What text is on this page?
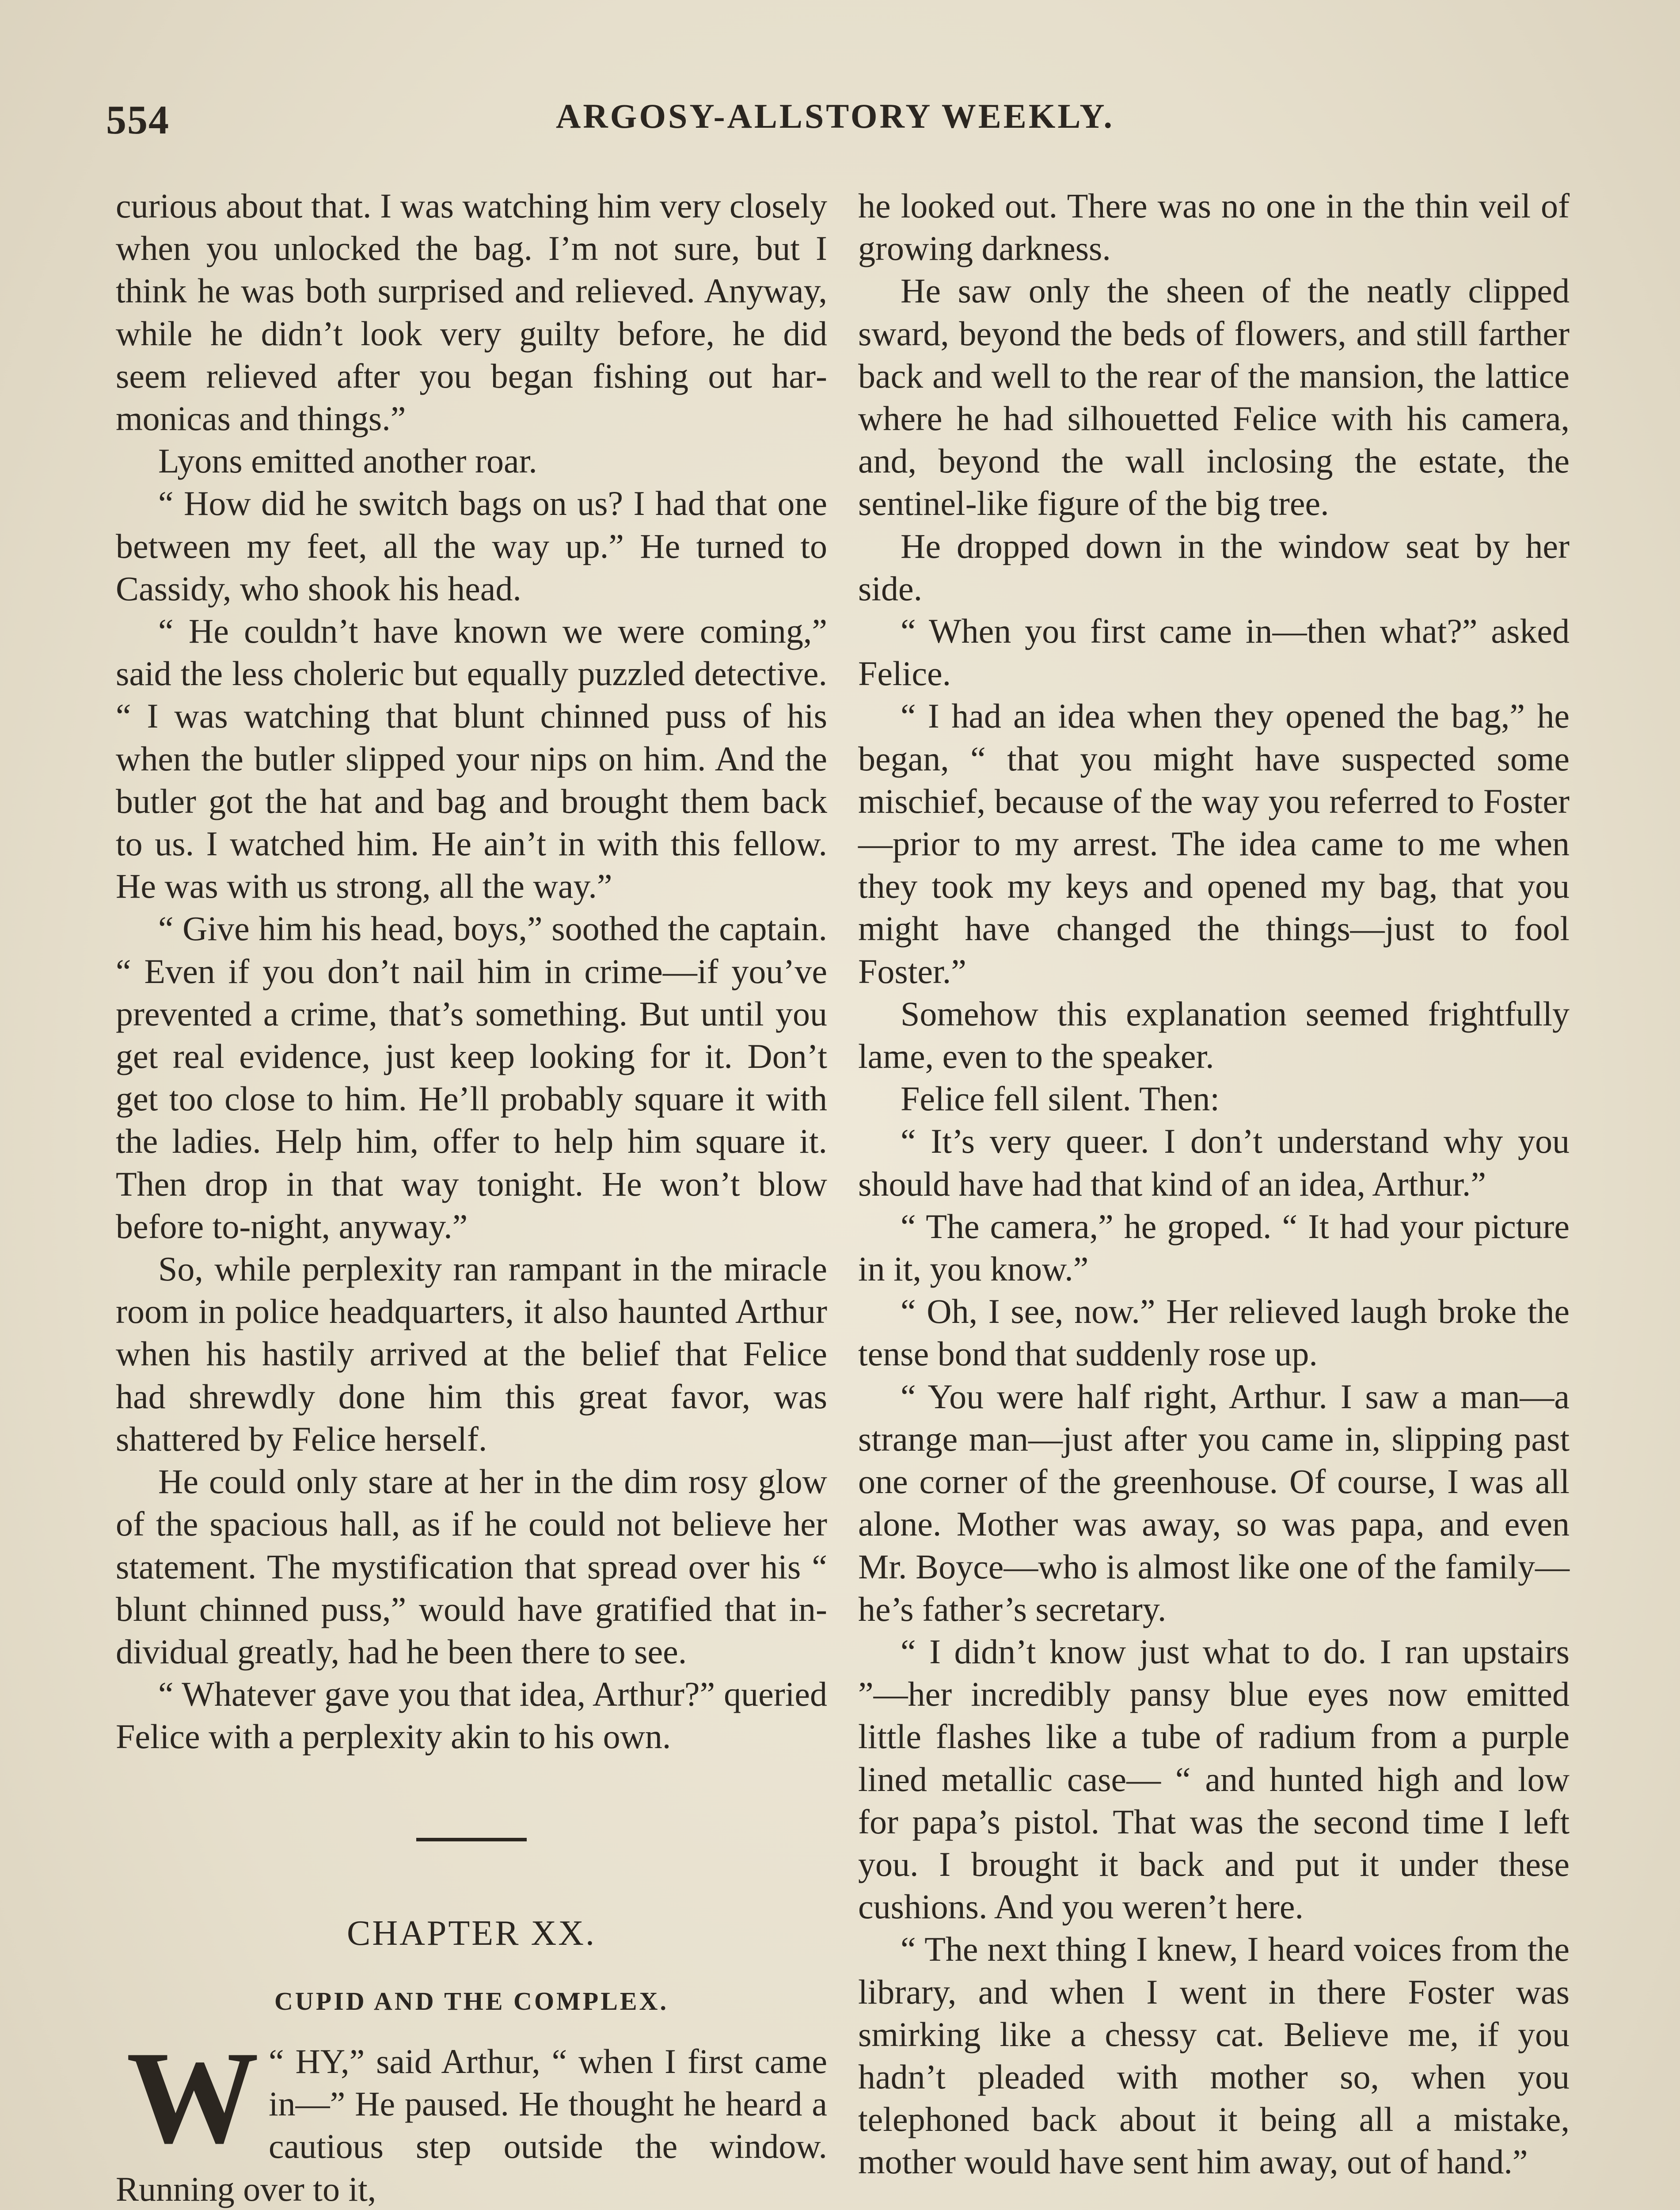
554	ARGOSY-ALLSTORY WEEKLY.

curious about that. I was watching him very closely when you unlocked the bag. I’m not sure, but I think he was both surprised and relieved. Anyway, while he didn’t look very guilty before, he did seem relieved after you began fishing out harmonicas and things.”

Lyons emitted another roar.

“ How did he switch bags on us? I had that one between my feet, all the way up.” He turned to Cassidy, who shook his head.

“ He couldn’t have known we were coming,” said the less choleric but equally puzzled detective. “ I was watching that blunt chinned puss of his when the butler slipped your nips on him. And the butler got the hat and bag and brought them back to us. I watched him. He ain’t in with this fellow. He was with us strong, all the way.”

“ Give him his head, boys,” soothed the captain. “ Even if you don’t nail him in crime—if you’ve prevented a crime, that’s something. But until you get real evidence, just keep looking for it. Don’t get too close to him. He’ll probably square it with the ladies. Help him, offer to help him square it. Then drop in that way tonight. He won’t blow before to-night, anyway.”

So, while perplexity ran rampant in the miracle room in police headquarters, it also haunted Arthur when his hastily arrived at the belief that Felice had shrewdly done him this great favor, was shattered by Felice herself.

He could only stare at her in the dim rosy glow of the spacious hall, as if he could not believe her statement. The mystification that spread over his “ blunt chinned puss,” would have gratified that individual greatly, had he been there to see.

“ Whatever gave you that idea, Arthur?” queried Felice with a perplexity akin to his own.

CHAPTER XX.
CUPID AND THE COMPLEX.
W “ HY,” said Arthur, “ when I first came in—” He paused. He thought he heard a cautious step outside the window. Running over to it,

he looked out. There was no one in the thin veil of growing darkness.

He saw only the sheen of the neatly clipped sward, beyond the beds of flowers, and still farther back and well to the rear of the mansion, the lattice where he had silhouetted Felice with his camera, and, beyond the wall inclosing the estate, the sentinel-like figure of the big tree.

He dropped down in the window seat by her side.

“ When you first came in—then what?” asked Felice.

“ I had an idea when they opened the bag,” he began, “ that you might have suspected some mischief, because of the way you referred to Foster—prior to my arrest. The idea came to me when they took my keys and opened my bag, that you might have changed the things—just to fool Foster.”

Somehow this explanation seemed frightfully lame, even to the speaker.

Felice fell silent. Then:

“ It’s very queer. I don’t understand why you should have had that kind of an idea, Arthur.”

“ The camera,” he groped. “ It had your picture in it, you know.”

“ Oh, I see, now.” Her relieved laugh broke the tense bond that suddenly rose up.

“ You were half right, Arthur. I saw a man—a strange man—just after you came in, slipping past one corner of the greenhouse. Of course, I was all alone. Mother was away, so was papa, and even Mr. Boyce—who is almost like one of the family—he’s father’s secretary.

“ I didn’t know just what to do. I ran upstairs ”—her incredibly pansy blue eyes now emitted little flashes like a tube of radium from a purple lined metallic case— “ and hunted high and low for papa’s pistol. That was the second time I left you. I brought it back and put it under these cushions. And you weren’t here.

“ The next thing I knew, I heard voices from the library, and when I went in there Foster was smirking like a chessy cat. Believe me, if you hadn’t pleaded with mother so, when you telephoned back about it being all a mistake, mother would have sent him away, out of hand.”
